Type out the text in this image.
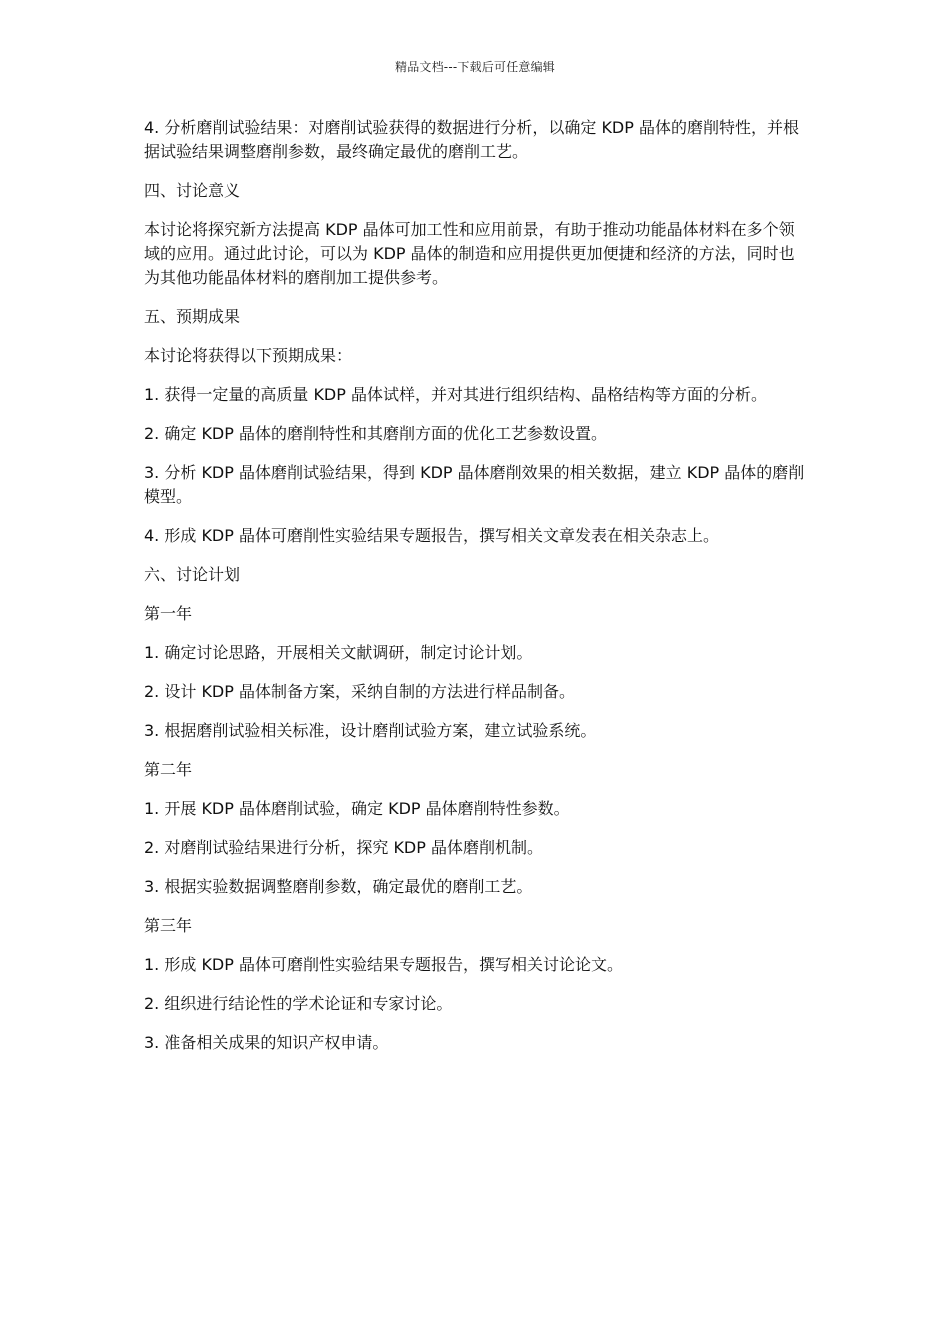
精品文档---下载后可任意编辑

4. 分析磨削试验结果：对磨削试验获得的数据进行分析，以确定 KDP 晶体的磨削特性，并根据试验结果调整磨削参数，最终确定最优的磨削工艺。

四、讨论意义

本讨论将探究新方法提高 KDP 晶体可加工性和应用前景，有助于推动功能晶体材料在多个领域的应用。通过此讨论，可以为 KDP 晶体的制造和应用提供更加便捷和经济的方法，同时也为其他功能晶体材料的磨削加工提供参考。

五、预期成果

本讨论将获得以下预期成果：

1. 获得一定量的高质量 KDP 晶体试样，并对其进行组织结构、晶格结构等方面的分析。

2. 确定 KDP 晶体的磨削特性和其磨削方面的优化工艺参数设置。

3. 分析 KDP 晶体磨削试验结果，得到 KDP 晶体磨削效果的相关数据，建立 KDP 晶体的磨削模型。

4. 形成 KDP 晶体可磨削性实验结果专题报告，撰写相关文章发表在相关杂志上。

六、讨论计划

第一年

1. 确定讨论思路，开展相关文献调研，制定讨论计划。

2. 设计 KDP 晶体制备方案，采纳自制的方法进行样品制备。

3. 根据磨削试验相关标准，设计磨削试验方案，建立试验系统。

第二年

1. 开展 KDP 晶体磨削试验，确定 KDP 晶体磨削特性参数。

2. 对磨削试验结果进行分析，探究 KDP 晶体磨削机制。

3. 根据实验数据调整磨削参数，确定最优的磨削工艺。

第三年

1. 形成 KDP 晶体可磨削性实验结果专题报告，撰写相关讨论论文。

2. 组织进行结论性的学术论证和专家讨论。

3. 准备相关成果的知识产权申请。
